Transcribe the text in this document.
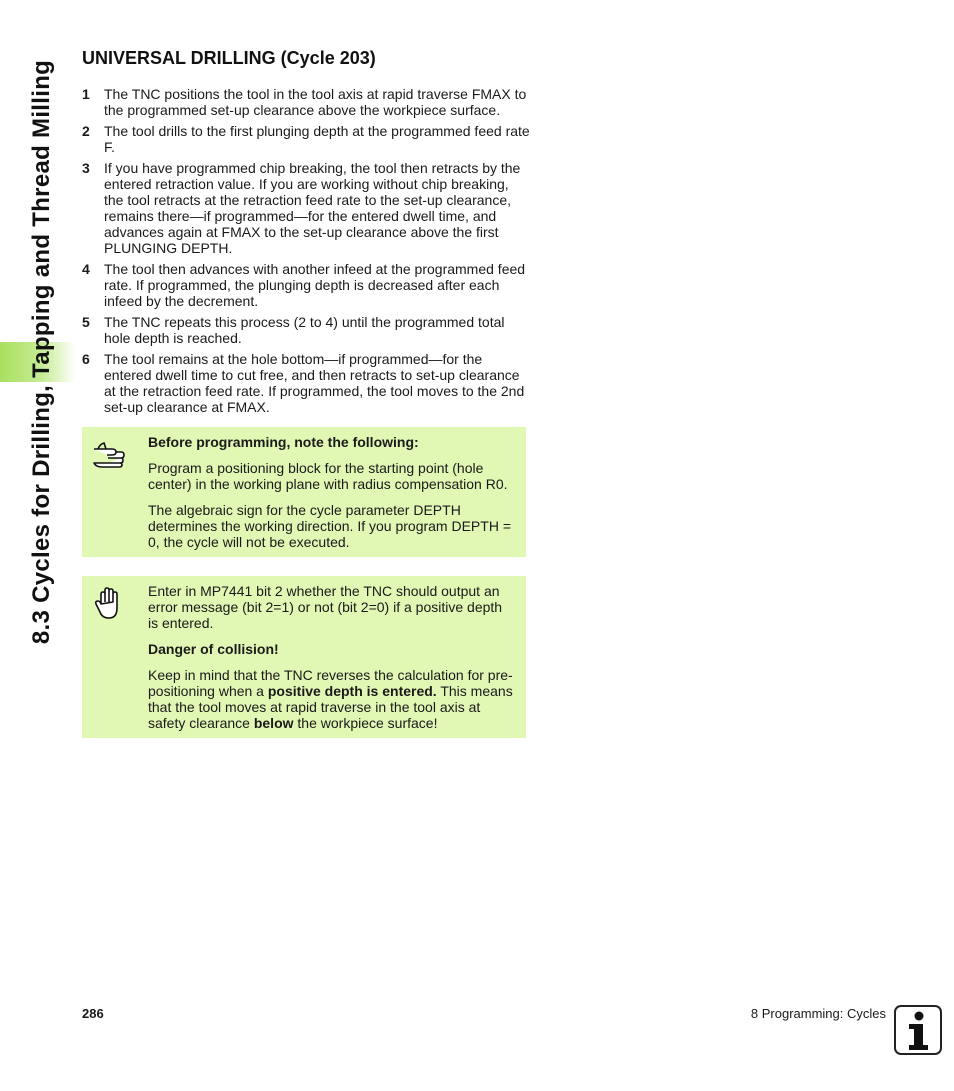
8.3 Cycles for Drilling, Tapping and Thread Milling
UNIVERSAL DRILLING (Cycle 203)
1 The TNC positions the tool in the tool axis at rapid traverse FMAX to the programmed set-up clearance above the workpiece surface.
2 The tool drills to the first plunging depth at the programmed feed rate F.
3 If you have programmed chip breaking, the tool then retracts by the entered retraction value. If you are working without chip breaking, the tool retracts at the retraction feed rate to the set-up clearance, remains there—if programmed—for the entered dwell time, and advances again at FMAX to the set-up clearance above the first PLUNGING DEPTH.
4 The tool then advances with another infeed at the programmed feed rate. If programmed, the plunging depth is decreased after each infeed by the decrement.
5 The TNC repeats this process (2 to 4) until the programmed total hole depth is reached.
6 The tool remains at the hole bottom—if programmed—for the entered dwell time to cut free, and then retracts to set-up clearance at the retraction feed rate. If programmed, the tool moves to the 2nd set-up clearance at FMAX.

Before programming, note the following:

Program a positioning block for the starting point (hole center) in the working plane with radius compensation R0.

The algebraic sign for the cycle parameter DEPTH determines the working direction. If you program DEPTH = 0, the cycle will not be executed.

Enter in MP7441 bit 2 whether the TNC should output an error message (bit 2=1) or not (bit 2=0) if a positive depth is entered.

Danger of collision!

Keep in mind that the TNC reverses the calculation for pre-positioning when a positive depth is entered. This means that the tool moves at rapid traverse in the tool axis at safety clearance below the workpiece surface!

286	8 Programming: Cycles
